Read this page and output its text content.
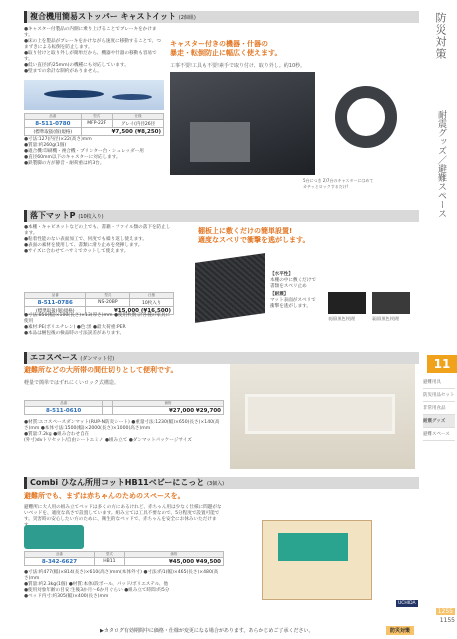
防災対策
耐震グッズ／避難スペース
11
避難用具
防災用品セット
非常用食品
耐震グッズ
避難スペース
1255
1155
複合機用簡易ストッパー キャストイット (2個組)
●キャスター付製品の内側に乗り上げることでブレーキをかけます。
●床の上を製品がブレーキをかけながら速度に移動することで、つまずきによる転倒を防止します。
●取り付けと取り外しが簡単だから、機器や什器の移動も容易です。
●低い直径(約25mm)の機種にも対応しています。
●壁までの余計な制約がありません。
品番	型式	仕様
8-511-0780	MFP-22F	グレイ(内径26径
(標準取扱(個)規格)	¥7,500 (¥8,250)	
●寸法:127(内径)×22(高さ)mm
●質量:約260g(1個)
●適合機:印刷機・複合機・プリンター台・シュレッダー用
●直径60mm以下のキャスターに対応します。
●鉄製脚の方が静音・耐荷重は約3台。
キャスター付きの機器・什器の
暴走・転倒防止に幅広く使えます。
工事不要!工具も不要!素手で取り付け、取り外し。約10秒。
5台につき 2)7台のキャスターにはめて
カチッとロックするだけ!
落下マットP (10枚入り)
●本棚・キャビネットなどの上でも、書籍・ファイル類の落下を防止します。
●粘着性能のない表面加工で、何度でも繰り返し使えます。
●表面の素材を使用して、書類に滑り止めを発揮します。
●サイズに合わせてハサミでカットして使えます。
品番	型式	仕様
8-511-0786	NS-20BP	10枚入り
(標準取扱(個)規格)	¥15,000 (¥16,500)	
●寸法:850(幅)×100(長さ)×13(厚さ)mm ●使用枚数:計各種の家具に使用
●素材:PE(ポリエチレン) ●色:黒 ●最大荷重:PER
●本品は梱包後の検品時の寸法誤差があります。
棚板上に敷くだけの簡単設置!
適度なスベリで衝撃を逃がします。
【水平性】
本棚の中に敷くだけで書類をスベリ止め
【耐震】
マット表面がスベリで衝撃を逃がします。
表面(黒色)処理	裏面(黒色)処理
エコスペース (ダンマット付)
避難所などの大所帯の間仕切りとして便利です。
軽量で簡単ではずれにくいロック式構造。
品番		価格
8-511-0610		¥27,000 ¥29,700
●材質:エコスペースダンマット(RUP-N防炎シート) ●重量寸法:1230(幅)×650(長さ)×140(高さ)mm ●本体寸法:1500(幅)×2000(長さ)×1000(高さ)mm
●質量:7.2kg ●組み合わせ自在
(外寸)dvトリセット/自由シートエミノ ●組み立て ●ダンマットパッケージサイズ
Combi ひなん所用コットHB11ベビーにこっと (3個入)
避難所でも、まずは赤ちゃんのためのスペースを。
避難所に大人用の組み立てベッドは多くの方にあるけれど、赤ちゃん用は少なく仕様に問題がないベッドを、適度な高さで設置しています。組み立ては工具不要なので、5分程度で設置可能です。災害時の安心したい方のために、衛生的なベッドで、赤ちゃんを安全にお休みいただけま
品番	型式	価格
8-342-6627	HB11	¥45,000 ¥49,500
●寸法:約477(幅)×814(長さ)×610(高さ)mm(本体外寸) ●寸法:約1(幅)×465(長さ)×480(高さ)mm
●質量:約2.3kg(1個) ●材質:本体/段ボール、パッド/ポリエステル、他
●使用対象年齢の目安:生後3か月～6か月ぐらい ●組み立て時間:約5分
●ベッド内寸:約305(幅)×400(長さ)mm
UCHIDA
▶カタログ有効期間中に価格・仕様が変更になる場合があります。あらかじめご了承ください。	防災対策
